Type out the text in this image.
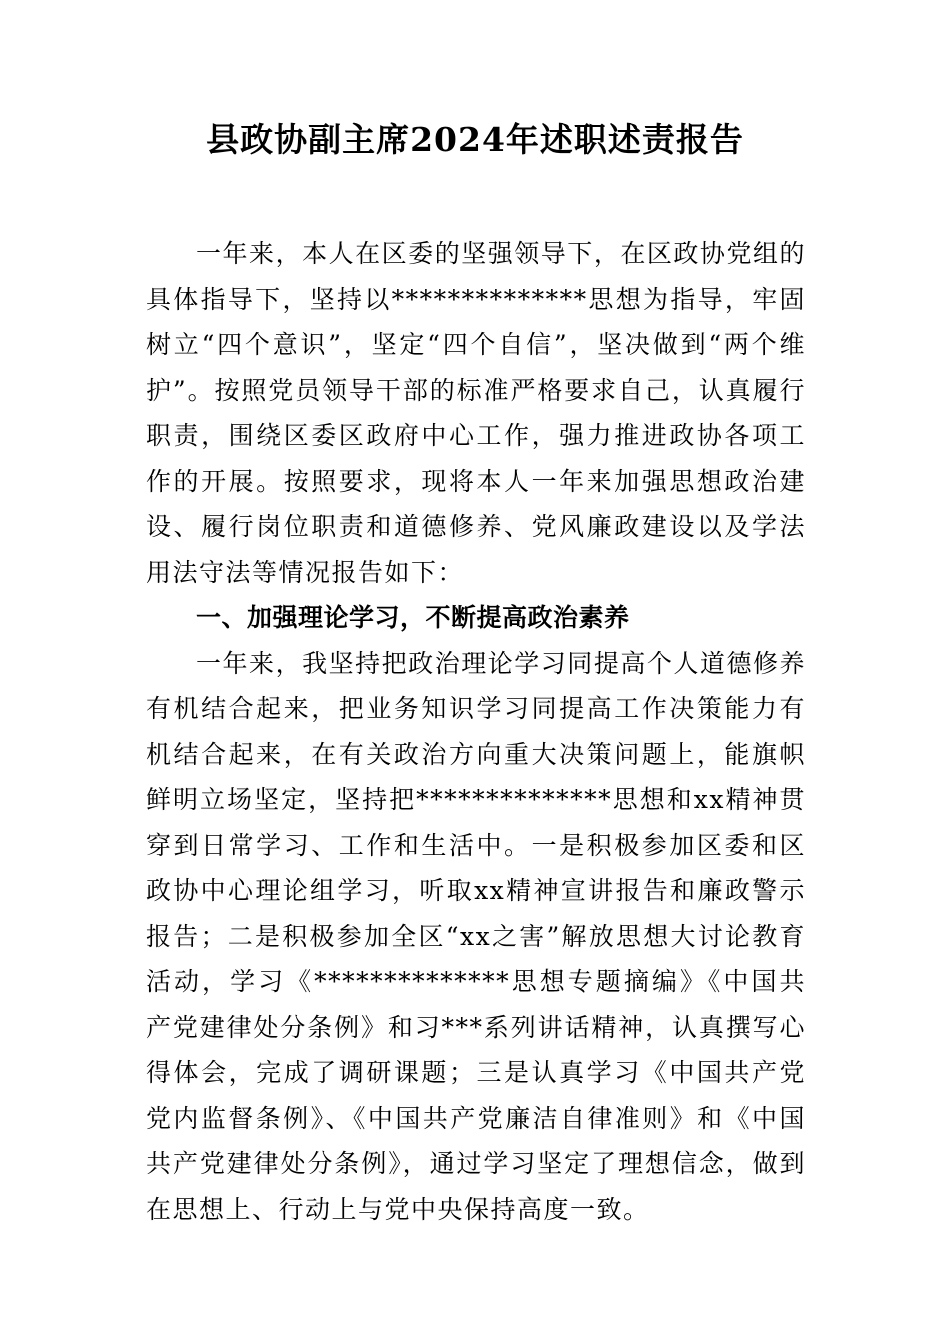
县政协副主席2024年述职述责报告

一年来，本人在区委的坚强领导下，在区政协党组的具体指导下，坚持以**************思想为指导，牢固树立“四个意识”，坚定“四个自信”，坚决做到“两个维护”。按照党员领导干部的标准严格要求自己，认真履行职责，围绕区委区政府中心工作，强力推进政协各项工作的开展。按照要求，现将本人一年来加强思想政治建设、履行岗位职责和道德修养、党风廉政建设以及学法用法守法等情况报告如下：

一、加强理论学习，不断提高政治素养

一年来，我坚持把政治理论学习同提高个人道德修养有机结合起来，把业务知识学习同提高工作决策能力有机结合起来，在有关政治方向重大决策问题上，能旗帜鲜明立场坚定，坚持把**************思想和xx精神贯穿到日常学习、工作和生活中。一是积极参加区委和区政协中心理论组学习，听取xx精神宣讲报告和廉政警示报告；二是积极参加全区“xx之害”解放思想大讨论教育活动，学习《**************思想专题摘编》《中国共产党建律处分条例》和习***系列讲话精神，认真撰写心得体会，完成了调研课题；三是认真学习《中国共产党党内监督条例》、《中国共产党廉洁自律准则》和《中国共产党建律处分条例》，通过学习坚定了理想信念，做到在思想上、行动上与党中央保持高度一致。
